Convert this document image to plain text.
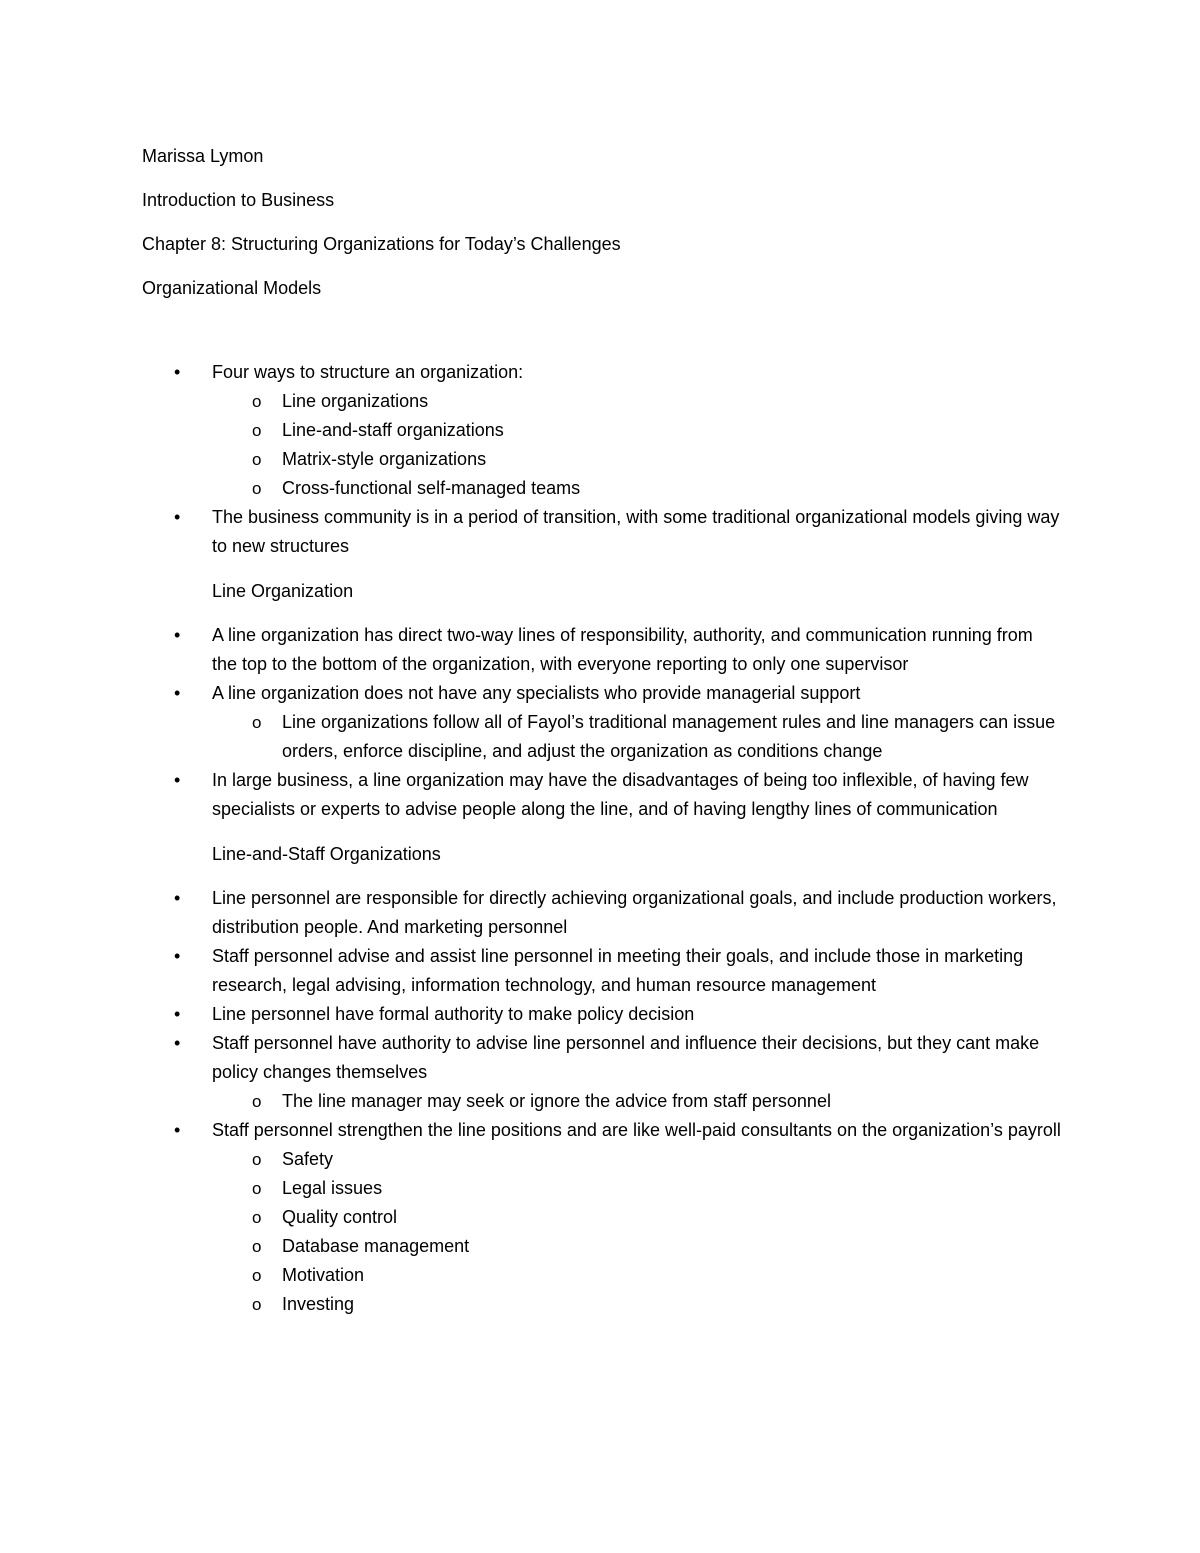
Marissa Lymon
Introduction to Business
Chapter 8: Structuring Organizations for Today’s Challenges
Organizational Models
• Four ways to structure an organization:
o Line organizations
o Line-and-staff organizations
o Matrix-style organizations
o Cross-functional self-managed teams
• The business community is in a period of transition, with some traditional organizational models giving way to new structures
Line Organization
• A line organization has direct two-way lines of responsibility, authority, and communication running from the top to the bottom of the organization, with everyone reporting to only one supervisor
• A line organization does not have any specialists who provide managerial support
o Line organizations follow all of Fayol’s traditional management rules and line managers can issue orders, enforce discipline, and adjust the organization as conditions change
• In large business, a line organization may have the disadvantages of being too inflexible, of having few specialists or experts to advise people along the line, and of having lengthy lines of communication
Line-and-Staff Organizations
• Line personnel are responsible for directly achieving organizational goals, and include production workers, distribution people. And marketing personnel
• Staff personnel advise and assist line personnel in meeting their goals, and include those in marketing research, legal advising, information technology, and human resource management
• Line personnel have formal authority to make policy decision
• Staff personnel have authority to advise line personnel and influence their decisions, but they cant make policy changes themselves
o The line manager may seek or ignore the advice from staff personnel
• Staff personnel strengthen the line positions and are like well-paid consultants on the organization’s payroll
o Safety
o Legal issues
o Quality control
o Database management
o Motivation
o Investing
